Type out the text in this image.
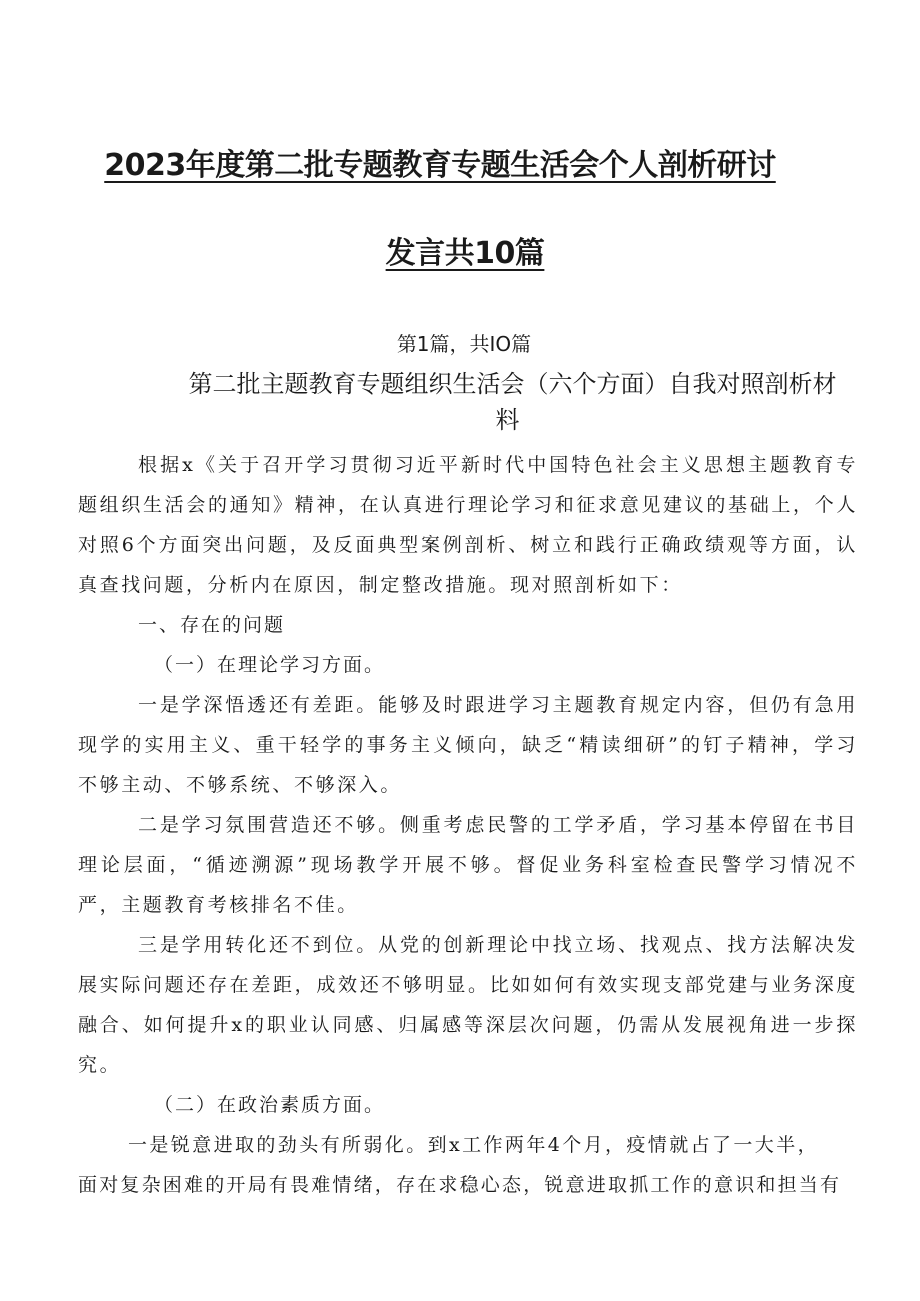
2023年度第二批专题教育专题生活会个人剖析研讨
发言共10篇
第1篇，共IO篇
第二批主题教育专题组织生活会（六个方面）自我对照剖析材
料

根据x《关于召开学习贯彻习近平新时代中国特色社会主义思想主题教育专题组织生活会的通知》精神，在认真进行理论学习和征求意见建议的基础上，个人对照6个方面突出问题，及反面典型案例剖析、树立和践行正确政绩观等方面，认真查找问题，分析内在原因，制定整改措施。现对照剖析如下：

一、存在的问题

（一）在理论学习方面。

一是学深悟透还有差距。能够及时跟进学习主题教育规定内容，但仍有急用现学的实用主义、重干轻学的事务主义倾向，缺乏“精读细研”的钉子精神，学习不够主动、不够系统、不够深入。

二是学习氛围营造还不够。侧重考虑民警的工学矛盾，学习基本停留在书目理论层面，“循迹溯源”现场教学开展不够。督促业务科室检查民警学习情况不严，主题教育考核排名不佳。

三是学用转化还不到位。从党的创新理论中找立场、找观点、找方法解决发展实际问题还存在差距，成效还不够明显。比如如何有效实现支部党建与业务深度融合、如何提升x的职业认同感、归属感等深层次问题，仍需从发展视角进一步探究。

（二）在政治素质方面。

一是锐意进取的劲头有所弱化。到x工作两年4个月，疫情就占了一大半，

面对复杂困难的开局有畏难情绪，存在求稳心态，锐意进取抓工作的意识和担当有
